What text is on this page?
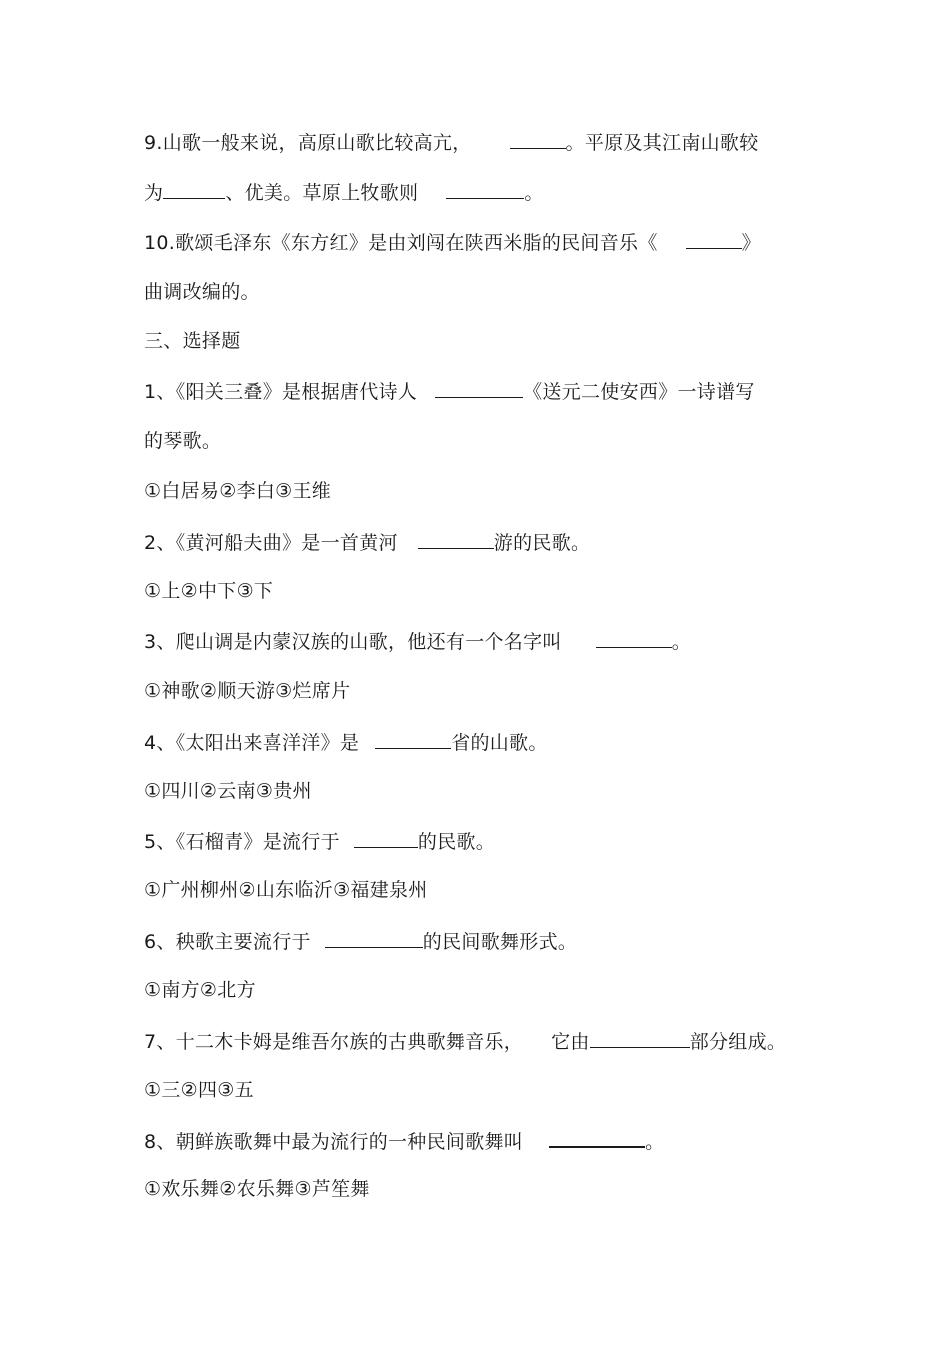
9.山歌一般来说，高原山歌比较高亢，	。平原及其江南山歌较
为	、优美。草原上牧歌则	。
10.歌颂毛泽东《东方红》是由刘闯在陕西米脂的民间音乐《	》
曲调改编的。
三、选择题
1、《阳关三叠》是根据唐代诗人	《送元二使安西》一诗谱写
的琴歌。
①白居易②李白③王维
2、《黄河船夫曲》是一首黄河	游的民歌。
①上②中下③下
3、爬山调是内蒙汉族的山歌，他还有一个名字叫	。
①神歌②顺天游③烂席片
4、《太阳出来喜洋洋》是	省的山歌。
①四川②云南③贵州
5、《石榴青》是流行于	的民歌。
①广州柳州②山东临沂③福建泉州
6、秧歌主要流行于	的民间歌舞形式。
①南方②北方
7、十二木卡姆是维吾尔族的古典歌舞音乐， 它由	部分组成。
①三②四③五
8、朝鲜族歌舞中最为流行的一种民间歌舞叫	。
①欢乐舞②农乐舞③芦笙舞
